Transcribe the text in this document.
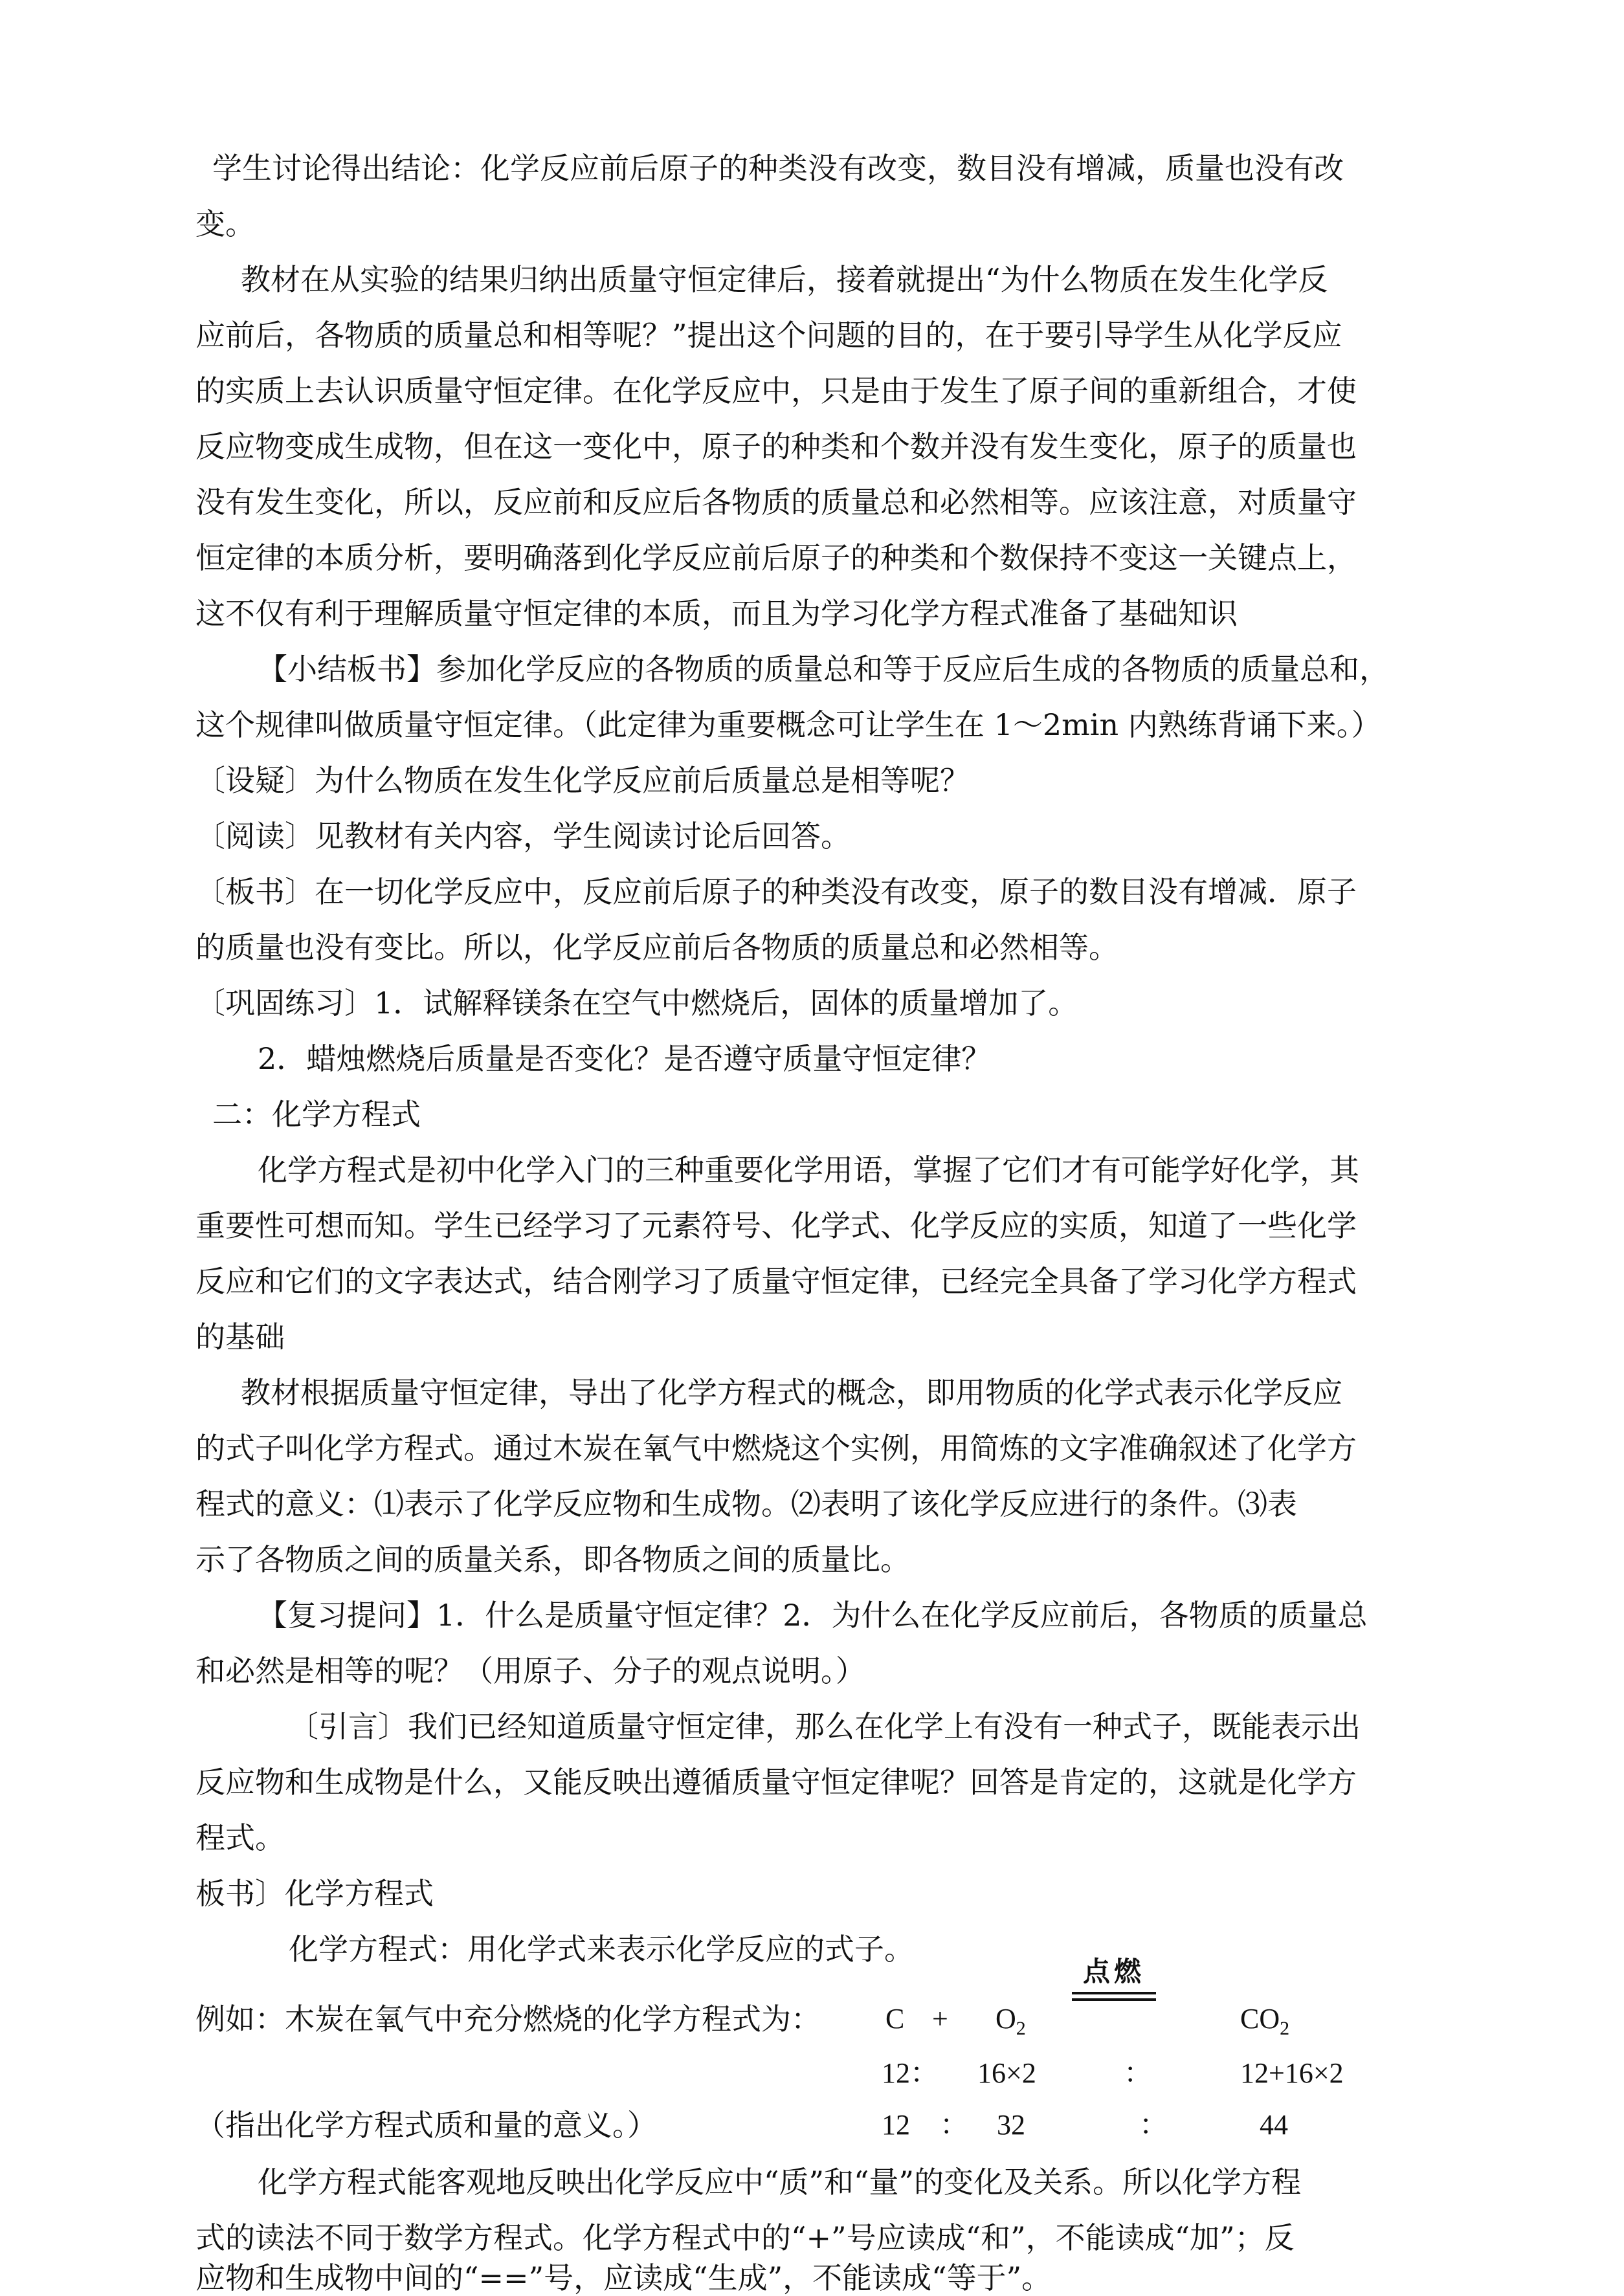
学生讨论得出结论：化学反应前后原子的种类没有改变，数目没有增减，质量也没有改
变。
教材在从实验的结果归纳出质量守恒定律后，接着就提出“为什么物质在发生化学反
应前后，各物质的质量总和相等呢？”提出这个问题的目的，在于要引导学生从化学反应
的实质上去认识质量守恒定律。在化学反应中，只是由于发生了原子间的重新组合，才使
反应物变成生成物，但在这一变化中，原子的种类和个数并没有发生变化，原子的质量也
没有发生变化，所以，反应前和反应后各物质的质量总和必然相等。应该注意，对质量守
恒定律的本质分析，要明确落到化学反应前后原子的种类和个数保持不变这一关键点上，
这不仅有利于理解质量守恒定律的本质，而且为学习化学方程式准备了基础知识
【小结板书】参加化学反应的各物质的质量总和等于反应后生成的各物质的质量总和，
这个规律叫做质量守恒定律。（此定律为重要概念可让学生在 1～2min 内熟练背诵下来。）
〔设疑〕为什么物质在发生化学反应前后质量总是相等呢？
〔阅读〕见教材有关内容，学生阅读讨论后回答。
〔板书〕在一切化学反应中，反应前后原子的种类没有改变，原子的数目没有增减．原子
的质量也没有变比。所以，化学反应前后各物质的质量总和必然相等。
〔巩固练习〕1．试解释镁条在空气中燃烧后，固体的质量增加了。
2．蜡烛燃烧后质量是否变化？是否遵守质量守恒定律？
二：化学方程式
化学方程式是初中化学入门的三种重要化学用语，掌握了它们才有可能学好化学，其
重要性可想而知。学生已经学习了元素符号、化学式、化学反应的实质，知道了一些化学
反应和它们的文字表达式，结合刚学习了质量守恒定律，已经完全具备了学习化学方程式
的基础
教材根据质量守恒定律，导出了化学方程式的概念，即用物质的化学式表示化学反应
的式子叫化学方程式。通过木炭在氧气中燃烧这个实例，用简炼的文字准确叙述了化学方
程式的意义：⑴表示了化学反应物和生成物。⑵表明了该化学反应进行的条件。⑶表
示了各物质之间的质量关系，即各物质之间的质量比。
【复习提问】1．什么是质量守恒定律？2．为什么在化学反应前后，各物质的质量总
和必然是相等的呢？（用原子、分子的观点说明。）
〔引言〕我们已经知道质量守恒定律，那么在化学上有没有一种式子，既能表示出
反应物和生成物是什么，又能反映出遵循质量守恒定律呢？回答是肯定的，这就是化学方
程式。
板书〕化学方程式
化学方程式：用化学式来表示化学反应的式子。
例如：木炭在氧气中充分燃烧的化学方程式为： $C + O_2$
点燃
$CO_2$
12： 16×2	：	12+16×2
（指出化学方程式质和量的意义。）	12 ： 32	：	44
化学方程式能客观地反映出化学反应中“质”和“量”的变化及关系。所以化学方程
式的读法不同于数学方程式。化学方程式中的“+”号应读成“和”，不能读成“加”；反
应物和生成物中间的“==”号，应读成“生成”，不能读成“等于”。
